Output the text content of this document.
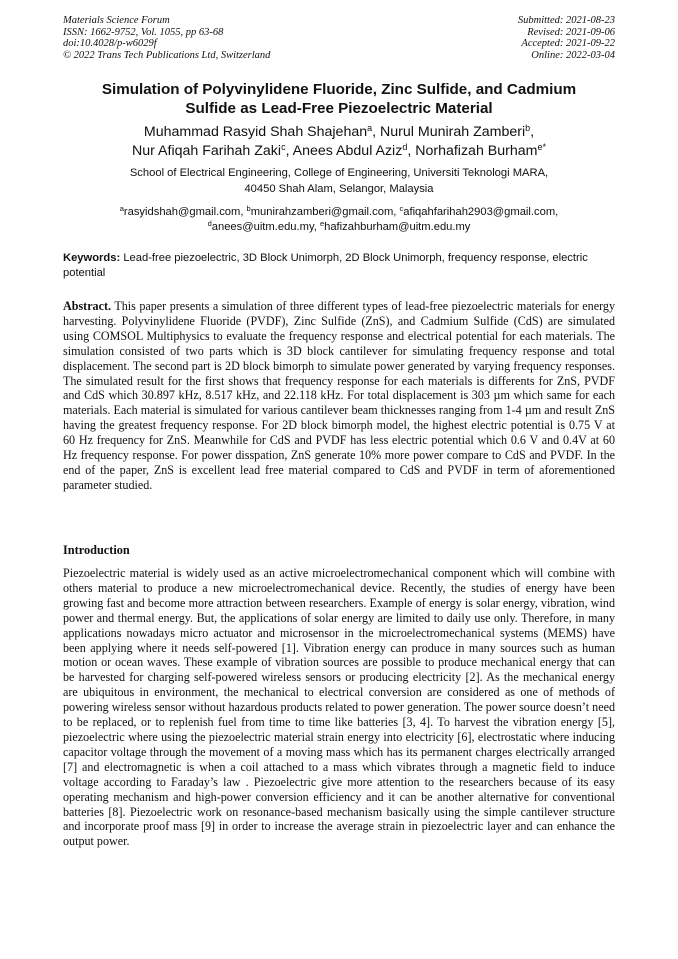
Materials Science Forum
ISSN: 1662-9752, Vol. 1055, pp 63-68
doi:10.4028/p-w6029f
© 2022 Trans Tech Publications Ltd, Switzerland
Submitted: 2021-08-23
Revised: 2021-09-06
Accepted: 2021-09-22
Online: 2022-03-04
Simulation of Polyvinylidene Fluoride, Zinc Sulfide, and Cadmium
Sulfide as Lead-Free Piezoelectric Material
Muhammad Rasyid Shah Shajehan$^a$, Nurul Munirah Zamberi$^b$,
Nur Afiqah Farihah Zaki$^c$, Anees Abdul Aziz$^d$, Norhafizah Burham$^{e*}$
School of Electrical Engineering, College of Engineering, Universiti Teknologi MARA,
40450 Shah Alam, Selangor, Malaysia
$^a$rasyidshah@gmail.com, $^b$munirahzamberi@gmail.com, $^c$afiqahfarihah2903@gmail.com,
$^d$anees@uitm.edu.my, $^e$hafizahburham@uitm.edu.my
Keywords: Lead-free piezoelectric, 3D Block Unimorph, 2D Block Unimorph, frequency response, electric potential
Abstract. This paper presents a simulation of three different types of lead-free piezoelectric materials for energy harvesting. Polyvinylidene Fluoride (PVDF), Zinc Sulfide (ZnS), and Cadmium Sulfide (CdS) are simulated using COMSOL Multiphysics to evaluate the frequency response and electrical potential for each materials. The simulation consisted of two parts which is 3D block cantilever for simulating frequency response and total displacement. The second part is 2D block bimorph to simulate power generated by varying frequency responses. The simulated result for the first shows that frequency response for each materials is differents for ZnS, PVDF and CdS which 30.897 kHz, 8.517 kHz, and 22.118 kHz. For total displacement is 303 µm which same for each materials. Each material is simulated for various cantilever beam thicknesses ranging from 1-4 µm and result ZnS having the greatest frequency response. For 2D block bimorph model, the highest electric potential is 0.75 V at 60 Hz frequency for ZnS. Meanwhile for CdS and PVDF has less electric potential which 0.6 V and 0.4V at 60 Hz frequency response. For power disspation, ZnS generate 10% more power compare to CdS and PVDF. In the end of the paper, ZnS is excellent lead free material compared to CdS and PVDF in term of aforementioned parameter studied.
Introduction
Piezoelectric material is widely used as an active microelectromechanical component which will combine with others material to produce a new microelectromechanical device. Recently, the studies of energy have been growing fast and become more attraction between researchers. Example of energy is solar energy, vibration, wind power and thermal energy. But, the applications of solar energy are limited to daily use only. Therefore, in many applications nowadays micro actuator and microsensor in the microelectromechanical systems (MEMS) have been applying where it needs self-powered [1]. Vibration energy can produce in many sources such as human motion or ocean waves. These example of vibration sources are possible to produce mechanical energy that can be harvested for charging self-powered wireless sensors or producing electricity [2]. As the mechanical energy are ubiquitous in environment, the mechanical to electrical conversion are considered as one of methods of powering wireless sensor without hazardous products related to power generation. The power source doesn’t need to be replaced, or to replenish fuel from time to time like batteries [3, 4]. To harvest the vibration energy [5], piezoelectric where using the piezoelectric material strain energy into electricity [6], electrostatic where inducing capacitor voltage through the movement of a moving mass which has its permanent charges electrically arranged [7] and electromagnetic is when a coil attached to a mass which vibrates through a magnetic field to induce voltage according to Faraday’s law . Piezoelectric give more attention to the researchers because of its easy operating mechanism and high-power conversion efficiency and it can be another alternative for conventional batteries [8]. Piezoelectric work on resonance-based mechanism basically using the simple cantilever structure and incorporate proof mass [9] in order to increase the average strain in piezoelectric layer and can enhance the output power.
